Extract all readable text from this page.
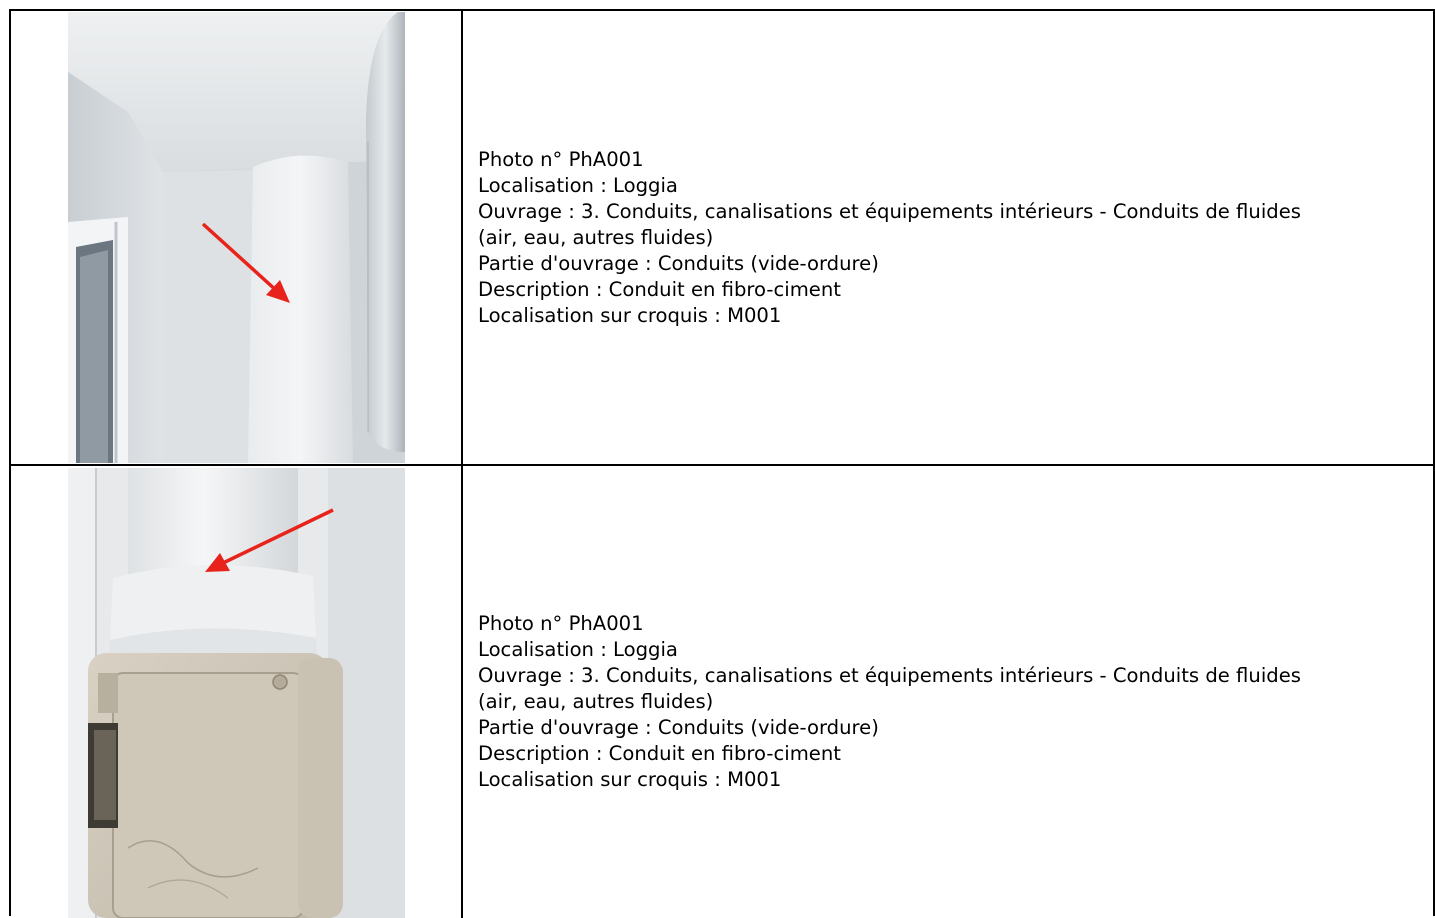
Photo n° PhA001
Localisation : Loggia
Ouvrage : 3. Conduits, canalisations et équipements intérieurs - Conduits de fluides
(air, eau, autres fluides)
Partie d'ouvrage : Conduits (vide-ordure)
Description : Conduit en fibro-ciment
Localisation sur croquis : M001
Photo n° PhA001
Localisation : Loggia
Ouvrage : 3. Conduits, canalisations et équipements intérieurs - Conduits de fluides
(air, eau, autres fluides)
Partie d'ouvrage : Conduits (vide-ordure)
Description : Conduit en fibro-ciment
Localisation sur croquis : M001
